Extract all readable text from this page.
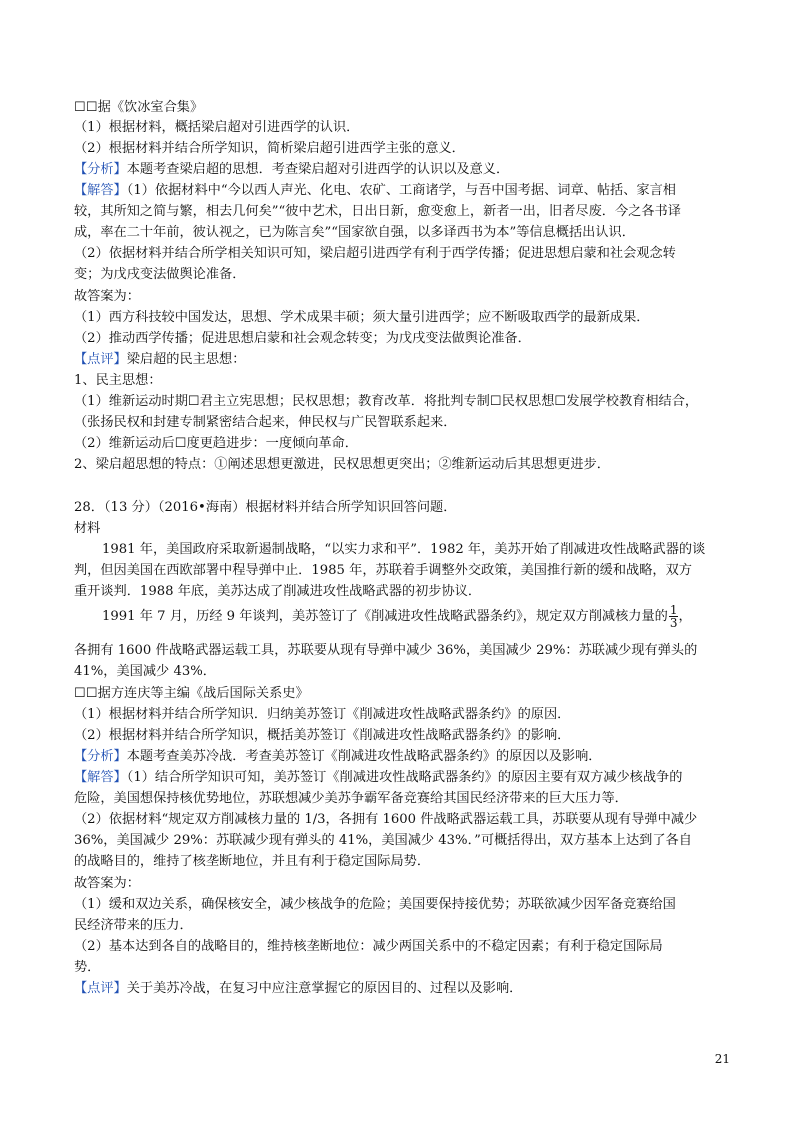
☐☐据《饮冰室合集》
（1）根据材料，概括梁启超对引进西学的认识．
（2）根据材料并结合所学知识，简析梁启超引进西学主张的意义．
【分析】本题考查梁启超的思想．考查梁启超对引进西学的认识以及意义．
【解答】（1）依据材料中“今以西人声光、化电、农矿、工商诸学，与吾中国考据、词章、帖括、家言相
较，其所知之简与繁，相去几何矣”“彼中艺术，日出日新，愈变愈上，新者一出，旧者尽废．今之各书译
成，率在二十年前，彼认视之，已为陈言矣”“国家欲自强，以多译西书为本”等信息概括出认识．
（2）依据材料并结合所学相关知识可知，梁启超引进西学有利于西学传播；促进思想启蒙和社会观念转
变；为戊戌变法做舆论准备．
故答案为：
（1）西方科技较中国发达，思想、学术成果丰硕；须大量引进西学；应不断吸取西学的最新成果．
（2）推动西学传播；促进思想启蒙和社会观念转变；为戊戌变法做舆论准备．
【点评】梁启超的民主思想：
1、民主思想：
（1）维新运动时期☐君主立宪思想；民权思想；教育改革．将批判专制☐民权思想☐发展学校教育相结合，
（张扬民权和封建专制紧密结合起来，伸民权与广民智联系起来．
（2）维新运动后☐度更趋进步：一度倾向革命．
2、梁启超思想的特点：①阐述思想更激进，民权思想更突出；②维新运动后其思想更进步．
28．（13 分）（2016•海南）根据材料并结合所学知识回答问题．
材料
1981 年，美国政府采取新遏制战略，“以实力求和平”．1982 年，美苏开始了削减进攻性战略武器的谈
判，但因美国在西欧部署中程导弹中止．1985 年，苏联着手调整外交政策，美国推行新的缓和战略，双方
重开谈判．1988 年底，美苏达成了削减进攻性战略武器的初步协议．
1991 年 7 月，历经 9 年谈判，美苏签订了《削减进攻性战略武器条约》，规定双方削减核力量的 $\frac{1}{3}$ ，
各拥有 1600 件战略武器运载工具，苏联要从现有导弹中减少 36%，美国减少 29%：苏联减少现有弹头的
41%，美国减少 43%．
☐☐据方连庆等主编《战后国际关系史》
（1）根据材料并结合所学知识．归纳美苏签订《削减进攻性战略武器条约》的原因．
（2）根据材料并结合所学知识，概括美苏签订《削减进攻性战略武器条约》的影响．
【分析】本题考查美苏冷战．考查美苏签订《削减进攻性战略武器条约》的原因以及影响．
【解答】（1）结合所学知识可知，美苏签订《削减进攻性战略武器条约》的原因主要有双方减少核战争的
危险，美国想保持核优势地位，苏联想减少美苏争霸军备竞赛给其国民经济带来的巨大压力等．
（2）依据材料“规定双方削减核力量的 1/3，各拥有 1600 件战略武器运载工具，苏联要从现有导弹中减少
36%，美国减少 29%：苏联减少现有弹头的 41%，美国减少 43%．”可概括得出，双方基本上达到了各自
的战略目的，维持了核垄断地位，并且有利于稳定国际局势．
故答案为：
（1）缓和双边关系，确保核安全，减少核战争的危险；美国要保持接优势；苏联欲减少因军备竞赛给国
民经济带来的压力．
（2）基本达到各自的战略目的，维持核垄断地位：减少两国关系中的不稳定因素；有利于稳定国际局
势．
【点评】关于美苏冷战，在复习中应注意掌握它的原因目的、过程以及影响．
21
